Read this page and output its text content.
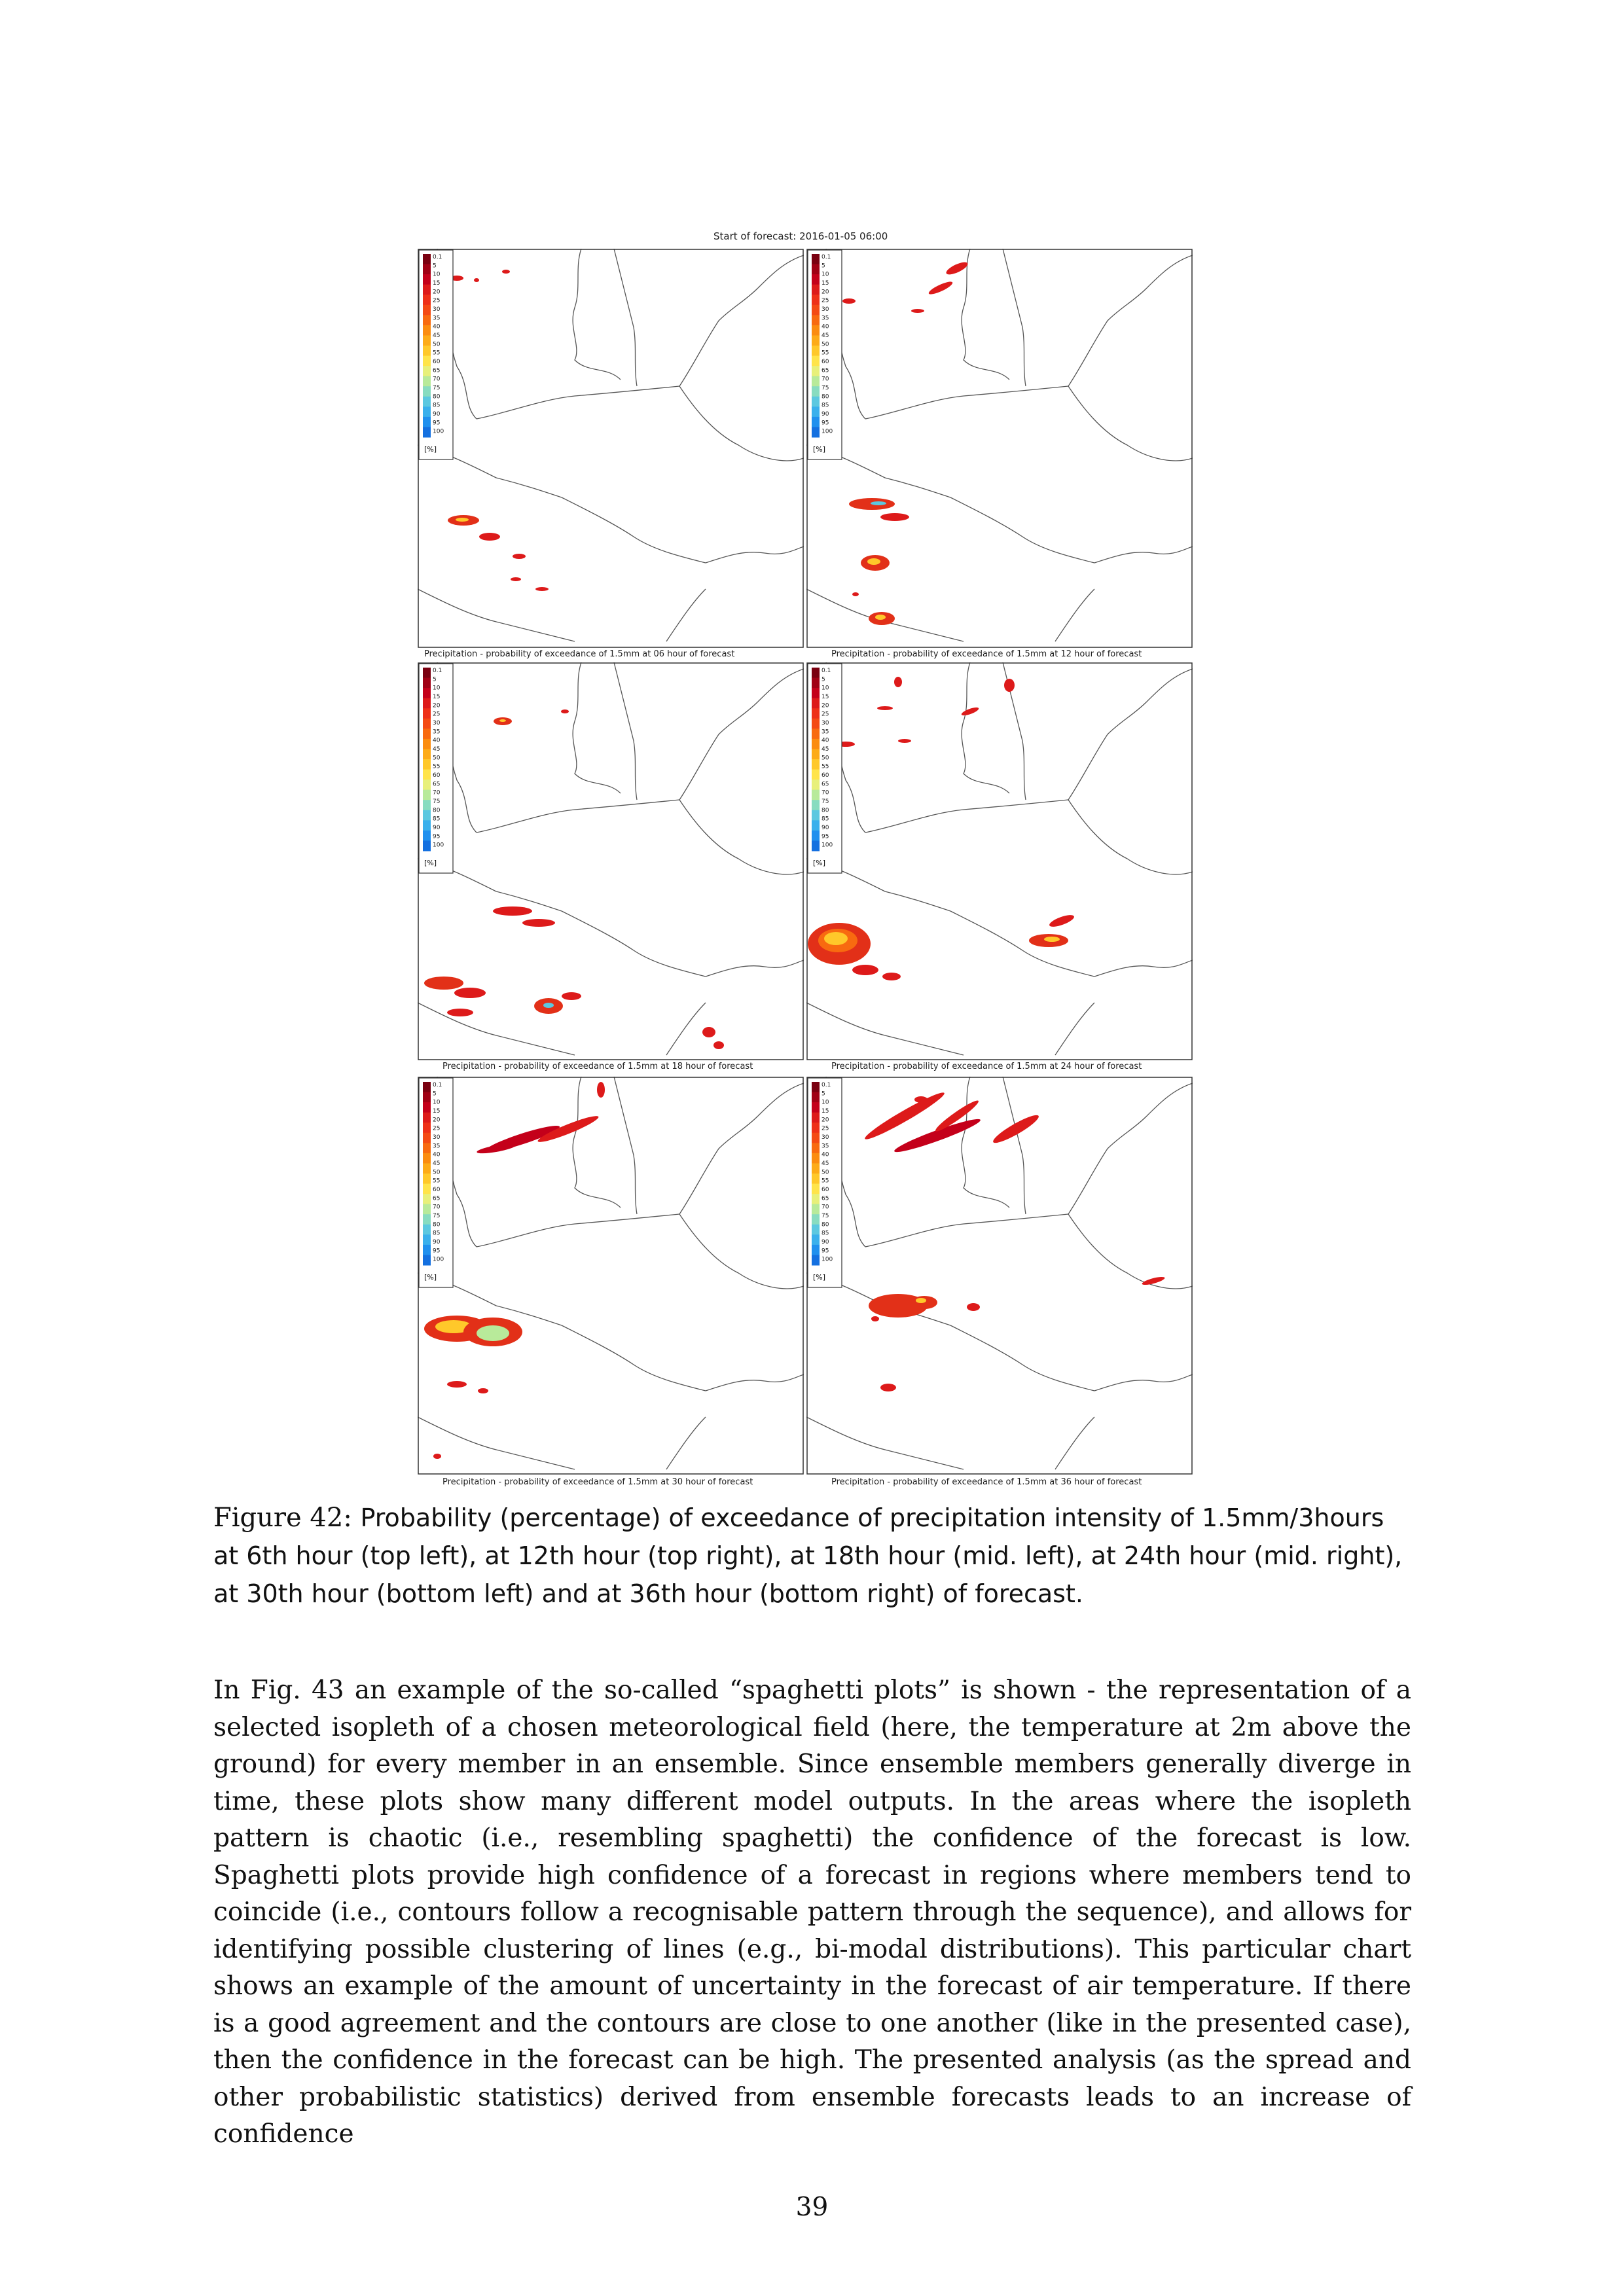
Start of forecast: 2016-01-05 06:00
0.1
5
10
15
20
25
30
35
40
45
50
55
60
65
70
75
80
85
90
95
100
[%]
Precipitation - probability of exceedance of 1.5mm at 06 hour of forecast
0.1
5
10
15
20
25
30
35
40
45
50
55
60
65
70
75
80
85
90
95
100
[%]
Precipitation - probability of exceedance of 1.5mm at 12 hour of forecast
0.1
5
10
15
20
25
30
35
40
45
50
55
60
65
70
75
80
85
90
95
100
[%]
Precipitation - probability of exceedance of 1.5mm at 18 hour of forecast
0.1
5
10
15
20
25
30
35
40
45
50
55
60
65
70
75
80
85
90
95
100
[%]
Precipitation - probability of exceedance of 1.5mm at 24 hour of forecast
0.1
5
10
15
20
25
30
35
40
45
50
55
60
65
70
75
80
85
90
95
100
[%]
Precipitation - probability of exceedance of 1.5mm at 30 hour of forecast
0.1
5
10
15
20
25
30
35
40
45
50
55
60
65
70
75
80
85
90
95
100
[%]
Precipitation - probability of exceedance of 1.5mm at 36 hour of forecast
Figure 42: Probability (percentage) of exceedance of precipitation intensity of 1.5mm/3hours at 6th hour (top left), at 12th hour (top right), at 18th hour (mid. left), at 24th hour (mid. right), at 30th hour (bottom left) and at 36th hour (bottom right) of forecast.
In Fig. 43 an example of the so-called “spaghetti plots” is shown - the representation of a selected isopleth of a chosen meteorological field (here, the temperature at 2m above the ground) for every member in an ensemble. Since ensemble members generally diverge in time, these plots show many different model outputs. In the areas where the isopleth pattern is chaotic (i.e., resembling spaghetti) the confidence of the forecast is low. Spaghetti plots provide high confidence of a forecast in regions where members tend to coincide (i.e., contours follow a recognisable pattern through the sequence), and allows for identifying possible clustering of lines (e.g., bi-modal distributions). This particular chart shows an example of the amount of uncertainty in the forecast of air temperature. If there is a good agreement and the contours are close to one another (like in the presented case), then the confidence in the forecast can be high. The presented analysis (as the spread and other probabilistic statistics) derived from ensemble forecasts leads to an increase of confidence
39
